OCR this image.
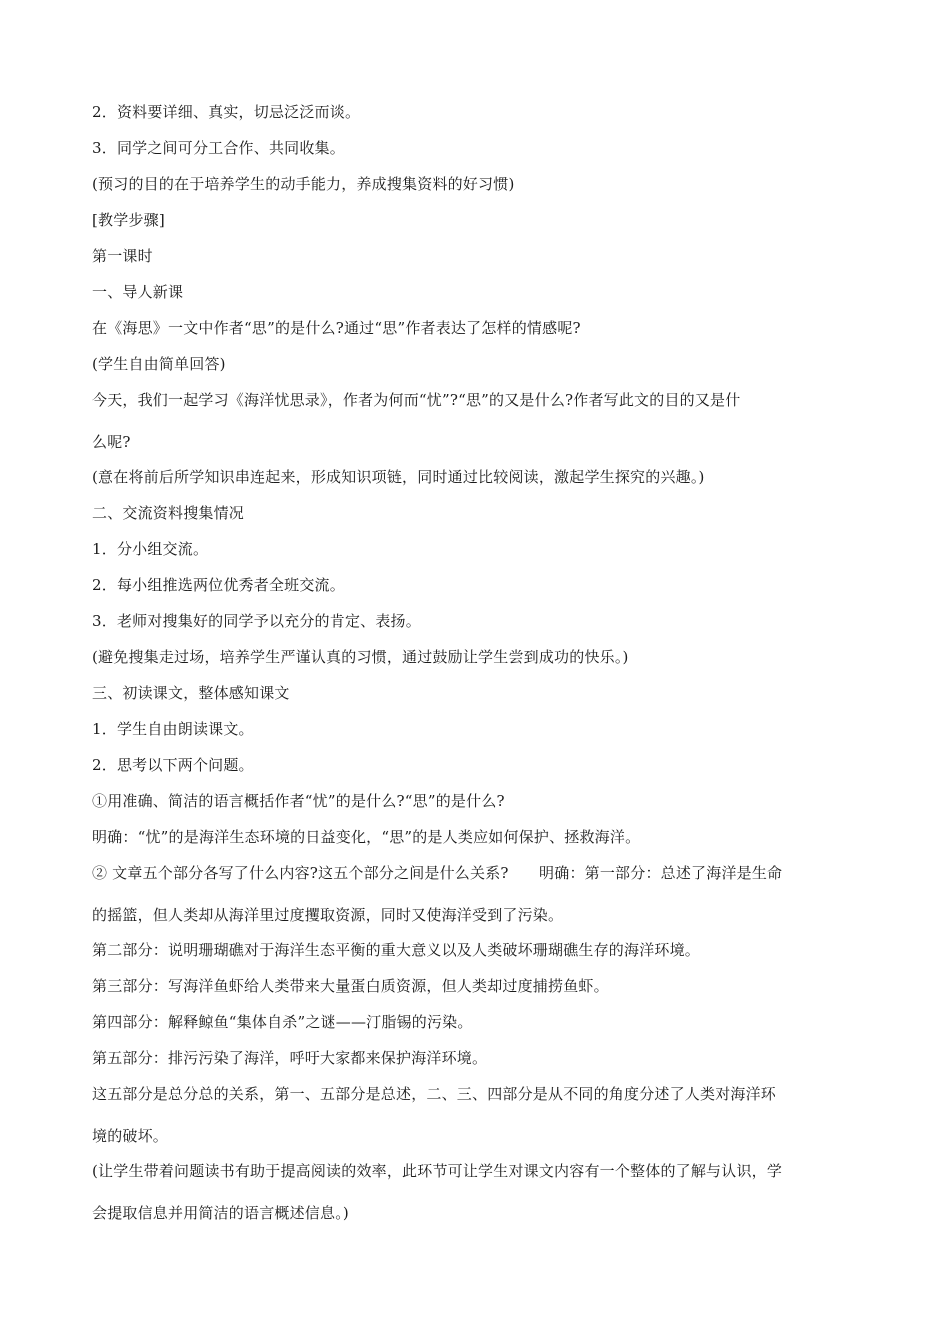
2．资料要详细、真实，切忌泛泛而谈。
3．同学之间可分工合作、共同收集。
(预习的目的在于培养学生的动手能力，养成搜集资料的好习惯)
[教学步骤]
第一课时
一、导人新课
在《海思》一文中作者“思”的是什么?通过“思”作者表达了怎样的情感呢?
(学生自由简单回答)
今天，我们一起学习《海洋忧思录》，作者为何而“忧”?“思”的又是什么?作者写此文的目的又是什
么呢?
(意在将前后所学知识串连起来，形成知识项链，同时通过比较阅读，激起学生探究的兴趣。)
二、交流资料搜集情况
1．分小组交流。
2．每小组推选两位优秀者全班交流。
3．老师对搜集好的同学予以充分的肯定、表扬。
(避免搜集走过场，培养学生严谨认真的习惯，通过鼓励让学生尝到成功的快乐。)
三、初读课文，整体感知课文
1．学生自由朗读课文。
2．思考以下两个问题。
①用准确、简洁的语言概括作者“忧”的是什么?“思”的是什么?
明确：“忧”的是海洋生态环境的日益变化，“思”的是人类应如何保护、拯救海洋。
② 文章五个部分各写了什么内容?这五个部分之间是什么关系?　　明确：第一部分：总述了海洋是生命
的摇篮，但人类却从海洋里过度攫取资源，同时又使海洋受到了污染。
第二部分：说明珊瑚礁对于海洋生态平衡的重大意义以及人类破坏珊瑚礁生存的海洋环境。
第三部分：写海洋鱼虾给人类带来大量蛋白质资源，但人类却过度捕捞鱼虾。
第四部分：解释鲸鱼“集体自杀”之谜——汀脂锡的污染。
第五部分：排污污染了海洋，呼吁大家都来保护海洋环境。
这五部分是总分总的关系，第一、五部分是总述，二、三、四部分是从不同的角度分述了人类对海洋环
境的破坏。
(让学生带着问题读书有助于提高阅读的效率，此环节可让学生对课文内容有一个整体的了解与认识，学
会提取信息并用简洁的语言概述信息。)
